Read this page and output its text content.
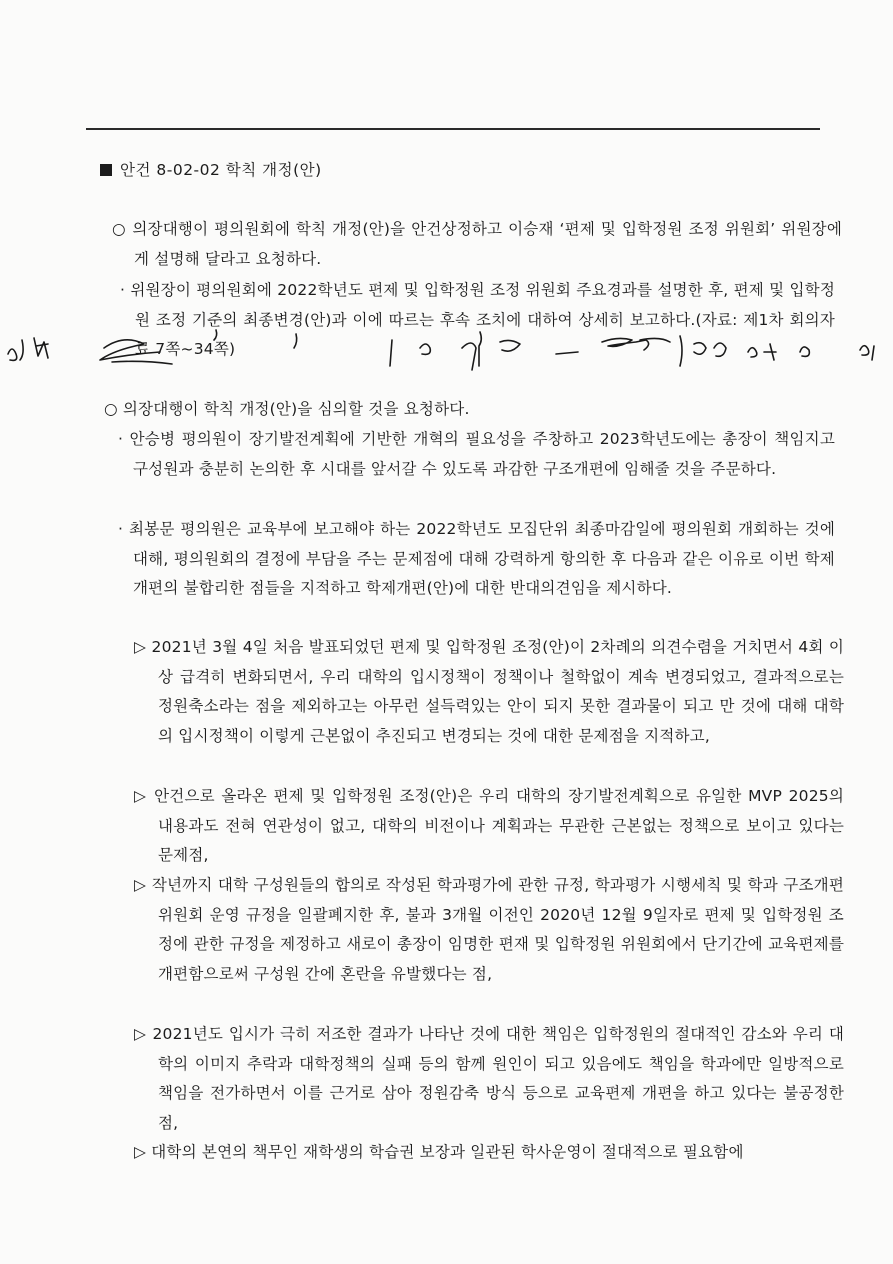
안건 8-02-02 학칙 개정(안)
○ 의장대행이 평의원회에 학칙 개정(안)을 안건상정하고 이승재 ‘편제 및 입학정원 조정 위원회’ 위원장에게 설명해 달라고 요청하다.
· 위원장이 평의원회에 2022학년도 편제 및 입학정원 조정 위원회 주요경과를 설명한 후, 편제 및 입학정원 조정 기준의 최종변경(안)과 이에 따르는 후속 조치에 대하여 상세히 보고하다.(자료: 제1차 회의자료 7쪽~34쪽)
○ 의장대행이 학칙 개정(안)을 심의할 것을 요청하다.
· 안승병 평의원이 장기발전계획에 기반한 개혁의 필요성을 주창하고 2023학년도에는 총장이 책임지고 구성원과 충분히 논의한 후 시대를 앞서갈 수 있도록 과감한 구조개편에 임해줄 것을 주문하다.
· 최봉문 평의원은 교육부에 보고해야 하는 2022학년도 모집단위 최종마감일에 평의원회 개회하는 것에 대해, 평의원회의 결정에 부담을 주는 문제점에 대해 강력하게 항의한 후 다음과 같은 이유로 이번 학제개편의 불합리한 점들을 지적하고 학제개편(안)에 대한 반대의견임을 제시하다.
▷ 2021년 3월 4일 처음 발표되었던 편제 및 입학정원 조정(안)이 2차례의 의견수렴을 거치면서 4회 이상 급격히 변화되면서, 우리 대학의 입시정책이 정책이나 철학없이 계속 변경되었고, 결과적으로는 정원축소라는 점을 제외하고는 아무런 설득력있는 안이 되지 못한 결과물이 되고 만 것에 대해 대학의 입시정책이 이렇게 근본없이 추진되고 변경되는 것에 대한 문제점을 지적하고,
▷ 안건으로 올라온 편제 및 입학정원 조정(안)은 우리 대학의 장기발전계획으로 유일한 MVP 2025의 내용과도 전혀 연관성이 없고, 대학의 비전이나 계획과는 무관한 근본없는 정책으로 보이고 있다는 문제점,
▷ 작년까지 대학 구성원들의 합의로 작성된 학과평가에 관한 규정, 학과평가 시행세칙 및 학과 구조개편위원회 운영 규정을 일괄폐지한 후, 불과 3개월 이전인 2020년 12월 9일자로 편제 및 입학정원 조정에 관한 규정을 제정하고 새로이 총장이 임명한 편재 및 입학정원 위원회에서 단기간에 교육편제를 개편함으로써 구성원 간에 혼란을 유발했다는 점,
▷ 2021년도 입시가 극히 저조한 결과가 나타난 것에 대한 책임은 입학정원의 절대적인 감소와 우리 대학의 이미지 추락과 대학정책의 실패 등의 함께 원인이 되고 있음에도 책임을 학과에만 일방적으로 책임을 전가하면서 이를 근거로 삼아 정원감축 방식 등으로 교육편제 개편을 하고 있다는 불공정한 점,
▷ 대학의 본연의 책무인 재학생의 학습권 보장과 일관된 학사운영이 절대적으로 필요함에
